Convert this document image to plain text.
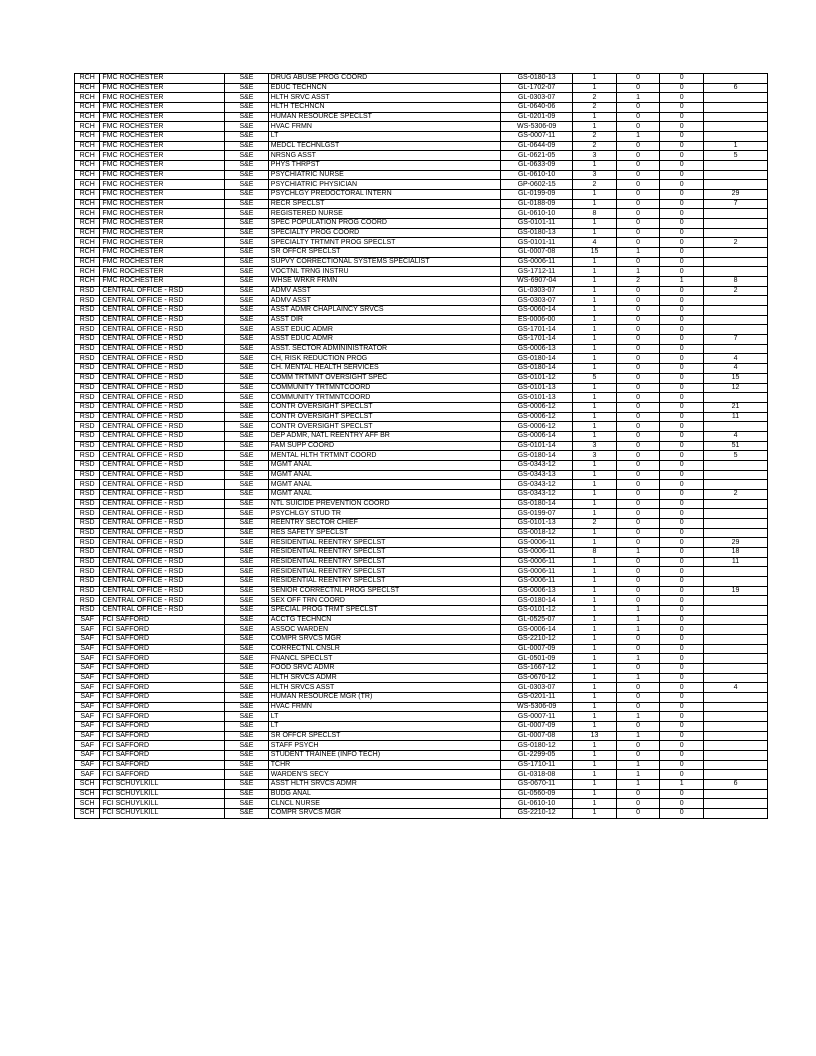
RCH	FMC ROCHESTER	S&E	DRUG ABUSE PROG COORD	GS-0180-13	1	0	0	
RCH	FMC ROCHESTER	S&E	EDUC TECHNCN	GL-1702-07	1	0	0	6
RCH	FMC ROCHESTER	S&E	HLTH SRVC ASST	GL-0303-07	2	1	0	
RCH	FMC ROCHESTER	S&E	HLTH TECHNCN	GL-0640-06	2	0	0	
RCH	FMC ROCHESTER	S&E	HUMAN RESOURCE SPECLST	GL-0201-09	1	0	0	
RCH	FMC ROCHESTER	S&E	HVAC FRMN	WS-5306-09	1	0	0	
RCH	FMC ROCHESTER	S&E	LT	GS-0007-11	2	1	0	
RCH	FMC ROCHESTER	S&E	MEDCL TECHNLGST	GL-0644-09	2	0	0	1
RCH	FMC ROCHESTER	S&E	NRSNG ASST	GL-0621-05	3	0	0	5
RCH	FMC ROCHESTER	S&E	PHYS THRPST	GL-0633-09	1	0	0	
RCH	FMC ROCHESTER	S&E	PSYCHIATRIC NURSE	GL-0610-10	3	0	0	
RCH	FMC ROCHESTER	S&E	PSYCHIATRIC PHYSICIAN	GP-0602-15	2	0	0	
RCH	FMC ROCHESTER	S&E	PSYCHLGY PREDOCTORAL INTERN	GL-0199-09	1	0	0	29
RCH	FMC ROCHESTER	S&E	RECR SPECLST	GL-0188-09	1	0	0	7
RCH	FMC ROCHESTER	S&E	REGISTERED NURSE	GL-0610-10	8	0	0	
RCH	FMC ROCHESTER	S&E	SPEC POPULATION PROG COORD	GS-0101-11	1	0	0	
RCH	FMC ROCHESTER	S&E	SPECIALTY PROG COORD	GS-0180-13	1	0	0	
RCH	FMC ROCHESTER	S&E	SPECIALTY TRTMNT PROG SPECLST	GS-0101-11	4	0	0	2
RCH	FMC ROCHESTER	S&E	SR OFFCR SPECLST	GL-0007-08	15	1	0	
RCH	FMC ROCHESTER	S&E	SUPVY CORRECTIONAL SYSTEMS SPECIALIST	GS-0006-11	1	0	0	
RCH	FMC ROCHESTER	S&E	VOCTNL TRNG INSTRU	GS-1712-11	1	1	0	
RCH	FMC ROCHESTER	S&E	WHSE WRKR FRMN	WS-6907-04	1	2	1	8
RSD	CENTRAL OFFICE - RSD	S&E	ADMV ASST	GL-0303-07	1	0	0	2
RSD	CENTRAL OFFICE - RSD	S&E	ADMV ASST	GS-0303-07	1	0	0	
RSD	CENTRAL OFFICE - RSD	S&E	ASST ADMR CHAPLAINCY SRVCS	GS-0060-14	1	0	0	
RSD	CENTRAL OFFICE - RSD	S&E	ASST DIR	ES-0006-00	1	0	0	
RSD	CENTRAL OFFICE - RSD	S&E	ASST EDUC ADMR	GS-1701-14	1	0	0	
RSD	CENTRAL OFFICE - RSD	S&E	ASST EDUC ADMR	GS-1701-14	1	0	0	7
RSD	CENTRAL OFFICE - RSD	S&E	ASST. SECTOR ADMININISTRATOR	GS-0006-13	1	0	0	
RSD	CENTRAL OFFICE - RSD	S&E	CH, RISK REDUCTION PROG	GS-0180-14	1	0	0	4
RSD	CENTRAL OFFICE - RSD	S&E	CH. MENTAL HEALTH SERVICES	GS-0180-14	1	0	0	4
RSD	CENTRAL OFFICE - RSD	S&E	COMM TRTMNT OVERSIGHT SPEC	GS-0101-12	5	0	0	15
RSD	CENTRAL OFFICE - RSD	S&E	COMMUNITY TRTMNTCOORD	GS-0101-13	1	0	0	12
RSD	CENTRAL OFFICE - RSD	S&E	COMMUNITY TRTMNTCOORD	GS-0101-13	1	0	0	
RSD	CENTRAL OFFICE - RSD	S&E	CONTR OVERSIGHT SPECLST	GS-0006-12	1	0	0	21
RSD	CENTRAL OFFICE - RSD	S&E	CONTR OVERSIGHT SPECLST	GS-0006-12	1	0	0	11
RSD	CENTRAL OFFICE - RSD	S&E	CONTR OVERSIGHT SPECLST	GS-0006-12	1	0	0	
RSD	CENTRAL OFFICE - RSD	S&E	DEP ADMR, NATL REENTRY AFF BR	GS-0006-14	1	0	0	4
RSD	CENTRAL OFFICE - RSD	S&E	FAM SUPP COORD	GS-0101-14	3	0	0	51
RSD	CENTRAL OFFICE - RSD	S&E	MENTAL HLTH TRTMNT COORD	GS-0180-14	3	0	0	5
RSD	CENTRAL OFFICE - RSD	S&E	MGMT ANAL	GS-0343-12	1	0	0	
RSD	CENTRAL OFFICE - RSD	S&E	MGMT ANAL	GS-0343-13	1	0	0	
RSD	CENTRAL OFFICE - RSD	S&E	MGMT ANAL	GS-0343-12	1	0	0	
RSD	CENTRAL OFFICE - RSD	S&E	MGMT ANAL	GS-0343-12	1	0	0	2
RSD	CENTRAL OFFICE - RSD	S&E	NTL SUICIDE PREVENTION COORD	GS-0180-14	1	0	0	
RSD	CENTRAL OFFICE - RSD	S&E	PSYCHLGY STUD TR	GS-0199-07	1	0	0	
RSD	CENTRAL OFFICE - RSD	S&E	REENTRY SECTOR CHIEF	GS-0101-13	2	0	0	
RSD	CENTRAL OFFICE - RSD	S&E	RES SAFETY SPECLST	GS-0018-12	1	0	0	
RSD	CENTRAL OFFICE - RSD	S&E	RESIDENTIAL REENTRY SPECLST	GS-0006-11	1	0	0	29
RSD	CENTRAL OFFICE - RSD	S&E	RESIDENTIAL REENTRY SPECLST	GS-0006-11	8	1	0	18
RSD	CENTRAL OFFICE - RSD	S&E	RESIDENTIAL REENTRY SPECLST	GS-0006-11	1	0	0	11
RSD	CENTRAL OFFICE - RSD	S&E	RESIDENTIAL REENTRY SPECLST	GS-0006-11	1	0	0	
RSD	CENTRAL OFFICE - RSD	S&E	RESIDENTIAL REENTRY SPECLST	GS-0006-11	1	0	0	
RSD	CENTRAL OFFICE - RSD	S&E	SENIOR CORRECTNL PROG SPECLST	GS-0006-13	1	0	0	19
RSD	CENTRAL OFFICE - RSD	S&E	SEX OFF TRN COORD	GS-0180-14	1	0	0	
RSD	CENTRAL OFFICE - RSD	S&E	SPECIAL PROG TRMT SPECLST	GS-0101-12	1	1	0	
SAF	FCI SAFFORD	S&E	ACCTG TECHNCN	GL-0525-07	1	1	0	
SAF	FCI SAFFORD	S&E	ASSOC WARDEN	GS-0006-14	1	1	0	
SAF	FCI SAFFORD	S&E	COMPR SRVCS MGR	GS-2210-12	1	0	0	
SAF	FCI SAFFORD	S&E	CORRECTNL CNSLR	GL-0007-09	1	0	0	
SAF	FCI SAFFORD	S&E	FNANCL SPECLST	GL-0501-09	1	1	0	
SAF	FCI SAFFORD	S&E	FOOD SRVC ADMR	GS-1667-12	1	0	0	
SAF	FCI SAFFORD	S&E	HLTH SRVCS ADMR	GS-0670-12	1	1	0	
SAF	FCI SAFFORD	S&E	HLTH SRVCS ASST	GL-0303-07	1	0	0	4
SAF	FCI SAFFORD	S&E	HUMAN RESOURCE MGR (TR)	GS-0201-11	1	0	0	
SAF	FCI SAFFORD	S&E	HVAC FRMN	WS-5306-09	1	0	0	
SAF	FCI SAFFORD	S&E	LT	GS-0007-11	1	1	0	
SAF	FCI SAFFORD	S&E	LT	GL-0007-09	1	0	0	
SAF	FCI SAFFORD	S&E	SR OFFCR SPECLST	GL-0007-08	13	1	0	
SAF	FCI SAFFORD	S&E	STAFF PSYCH	GS-0180-12	1	0	0	
SAF	FCI SAFFORD	S&E	STUDENT TRAINEE (INFO TECH)	GL-2299-05	1	0	0	
SAF	FCI SAFFORD	S&E	TCHR	GS-1710-11	1	1	0	
SAF	FCI SAFFORD	S&E	WARDEN'S SECY	GL-0318-08	1	1	0	
SCH	FCI SCHUYLKILL	S&E	ASST HLTH SRVCS ADMR	GS-0670-11	1	1	1	6
SCH	FCI SCHUYLKILL	S&E	BUDG ANAL	GL-0560-09	1	0	0	
SCH	FCI SCHUYLKILL	S&E	CLNCL NURSE	GL-0610-10	1	0	0	
SCH	FCI SCHUYLKILL	S&E	COMPR SRVCS MGR	GS-2210-12	1	0	0	
